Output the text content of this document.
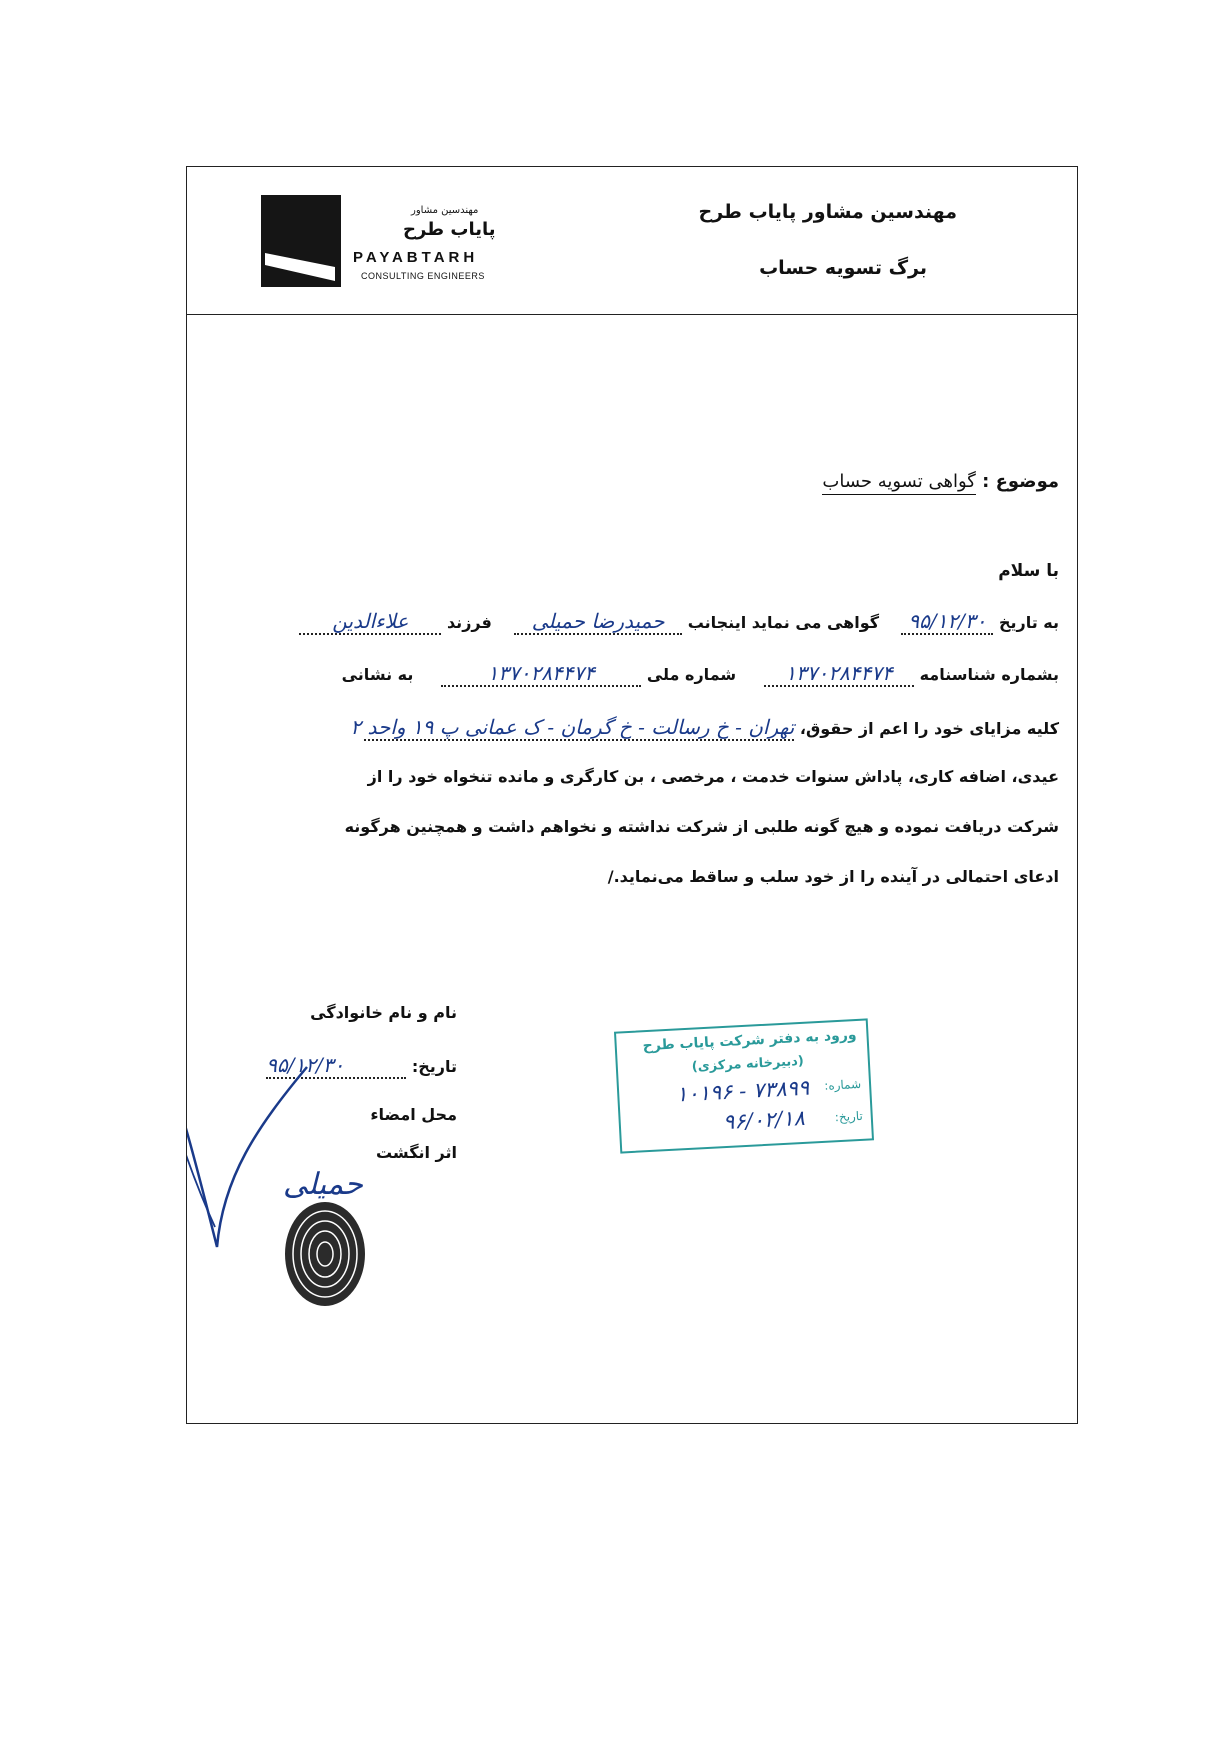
مهندسین مشاور پایاب طرح
برگ تسویه حساب
مهندسین مشاور
پایاب طرح
PAYABTARH
CONSULTING ENGINEERS
موضوع : گواهی تسویه حساب
با سلام
به تاریخ ۹۵/۱۲/۳۰    گواهی می نماید اینجانب حمیدرضا حمیلی    فرزند علاءالدین
بشماره شناسنامه ۱۳۷۰۲۸۴۴۷۴     شماره ملی ۱۳۷۰۲۸۴۴۷۴     به نشانی
کلیه مزایای خود را اعم از حقوق، تهران - خ رسالت - خ گرمان - ک عمانی پ ۱۹ واحد ۲
عیدی، اضافه کاری، پاداش سنوات خدمت ، مرخصی ، بن کارگری و مانده تنخواه خود را از
شرکت دریافت نموده و هیچ گونه طلبی از شرکت نداشته و نخواهم داشت و همچنین هرگونه
ادعای احتمالی در آینده را از خود سلب و ساقط می‌نماید./
نام و نام خانوادگی
تاریخ: ۹۵/۱۲/۳۰
محل امضاء
اثر انگشت
حمیلی
ورود به دفتر شرکت پایاب طرح
(دبیرخانه مرکزی)
شماره:
۷۳۸۹۹ - ۱۰۱۹۶
تاریخ:
۹۶/۰۲/۱۸
